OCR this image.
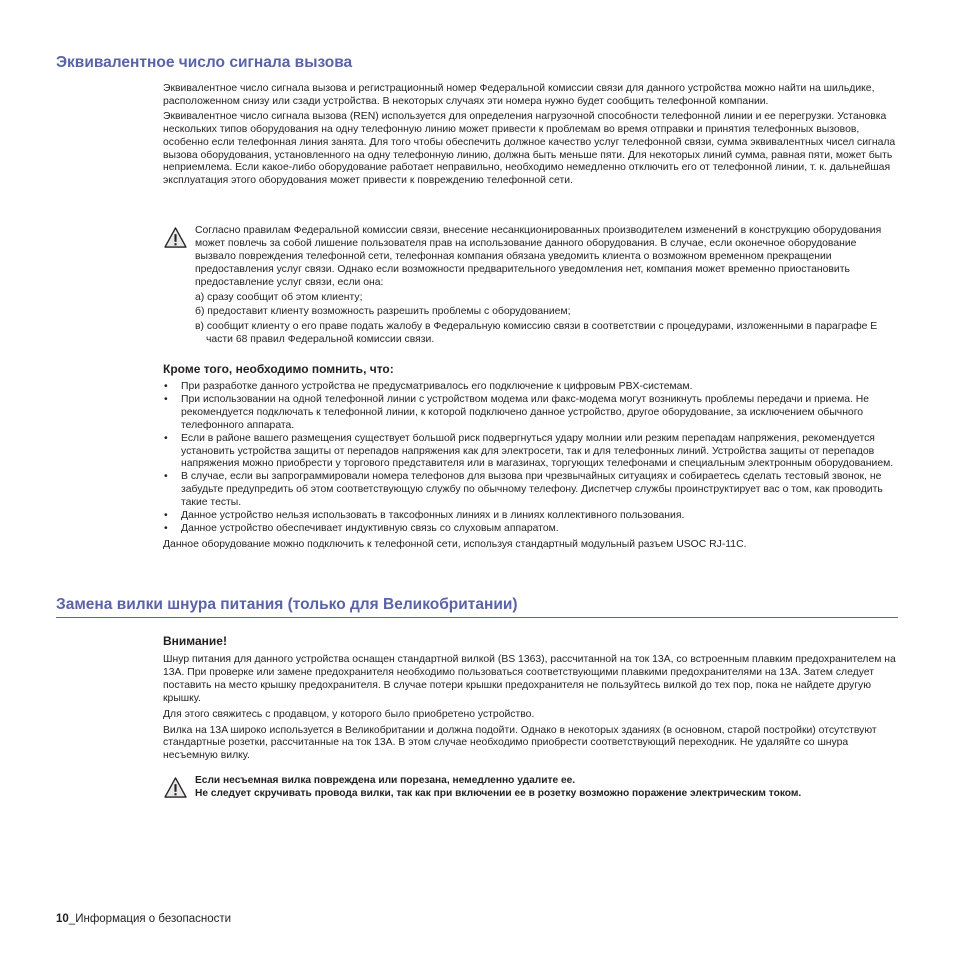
Эквивалентное число сигнала вызова

Эквивалентное число сигнала вызова и регистрационный номер Федеральной комиссии связи для данного устройства можно найти на шильдике, расположенном снизу или сзади устройства. В некоторых случаях эти номера нужно будет сообщить телефонной компании.

Эквивалентное число сигнала вызова (REN) используется для определения нагрузочной способности телефонной линии и ее перегрузки. Установка нескольких типов оборудования на одну телефонную линию может привести к проблемам во время отправки и принятия телефонных вызовов, особенно если телефонная линия занята. Для того чтобы обеспечить должное качество услуг телефонной связи, сумма эквивалентных чисел сигнала вызова оборудования, установленного на одну телефонную линию, должна быть меньше пяти. Для некоторых линий сумма, равная пяти, может быть неприемлема. Если какое-либо оборудование работает неправильно, необходимо немедленно отключить его от телефонной линии, т. к. дальнейшая эксплуатация этого оборудования может привести к повреждению телефонной сети.

Согласно правилам Федеральной комиссии связи, внесение несанкционированных производителем изменений в конструкцию оборудования может повлечь за собой лишение пользователя прав на использование данного оборудования. В случае, если оконечное оборудование вызвало повреждения телефонной сети, телефонная компания обязана уведомить клиента о возможном временном прекращении предоставления услуг связи. Однако если возможности предварительного уведомления нет, компания может временно приостановить предоставление услуг связи, если она:

а) сразу сообщит об этом клиенту;

б) предоставит клиенту возможность разрешить проблемы с оборудованием;

в) сообщит клиенту о его праве подать жалобу в Федеральную комиссию связи в соответствии с процедурами, изложенными в параграфе E части 68 правил Федеральной комиссии связи.

Кроме того, необходимо помнить, что:
• При разработке данного устройства не предусматривалось его подключение к цифровым PBX-системам.
• При использовании на одной телефонной линии с устройством модема или факс-модема могут возникнуть проблемы передачи и приема. Не рекомендуется подключать к телефонной линии, к которой подключено данное устройство, другое оборудование, за исключением обычного телефонного аппарата.
• Если в районе вашего размещения существует большой риск подвергнуться удару молнии или резким перепадам напряжения, рекомендуется установить устройства защиты от перепадов напряжения как для электросети, так и для телефонных линий. Устройства защиты от перепадов напряжения можно приобрести у торгового представителя или в магазинах, торгующих телефонами и специальным электронным оборудованием.
• В случае, если вы запрограммировали номера телефонов для вызова при чрезвычайных ситуациях и собираетесь сделать тестовый звонок, не забудьте предупредить об этом соответствующую службу по обычному телефону. Диспетчер службы проинструктирует вас о том, как проводить такие тесты.
• Данное устройство нельзя использовать в таксофонных линиях и в линиях коллективного пользования.
• Данное устройство обеспечивает индуктивную связь со слуховым аппаратом.

Данное оборудование можно подключить к телефонной сети, используя стандартный модульный разъем USOC RJ-11C.

Замена вилки шнура питания (только для Великобритании)
Внимание!

Шнур питания для данного устройства оснащен стандартной вилкой (BS 1363), рассчитанной на ток 13A, со встроенным плавким предохранителем на 13A. При проверке или замене предохранителя необходимо пользоваться соответствующими плавкими предохранителями на 13A. Затем следует поставить на место крышку предохранителя. В случае потери крышки предохранителя не пользуйтесь вилкой до тех пор, пока не найдете другую крышку.

Для этого свяжитесь с продавцом, у которого было приобретено устройство.

Вилка на 13A широко используется в Великобритании и должна подойти. Однако в некоторых зданиях (в основном, старой постройки) отсутствуют стандартные розетки, рассчитанные на ток 13A. В этом случае необходимо приобрести соответствующий переходник. Не удаляйте со шнура несъемную вилку.

Если несъемная вилка повреждена или порезана, немедленно удалите ее.

Не следует скручивать провода вилки, так как при включении ее в розетку возможно поражение электрическим током.

10_Информация о безопасности
